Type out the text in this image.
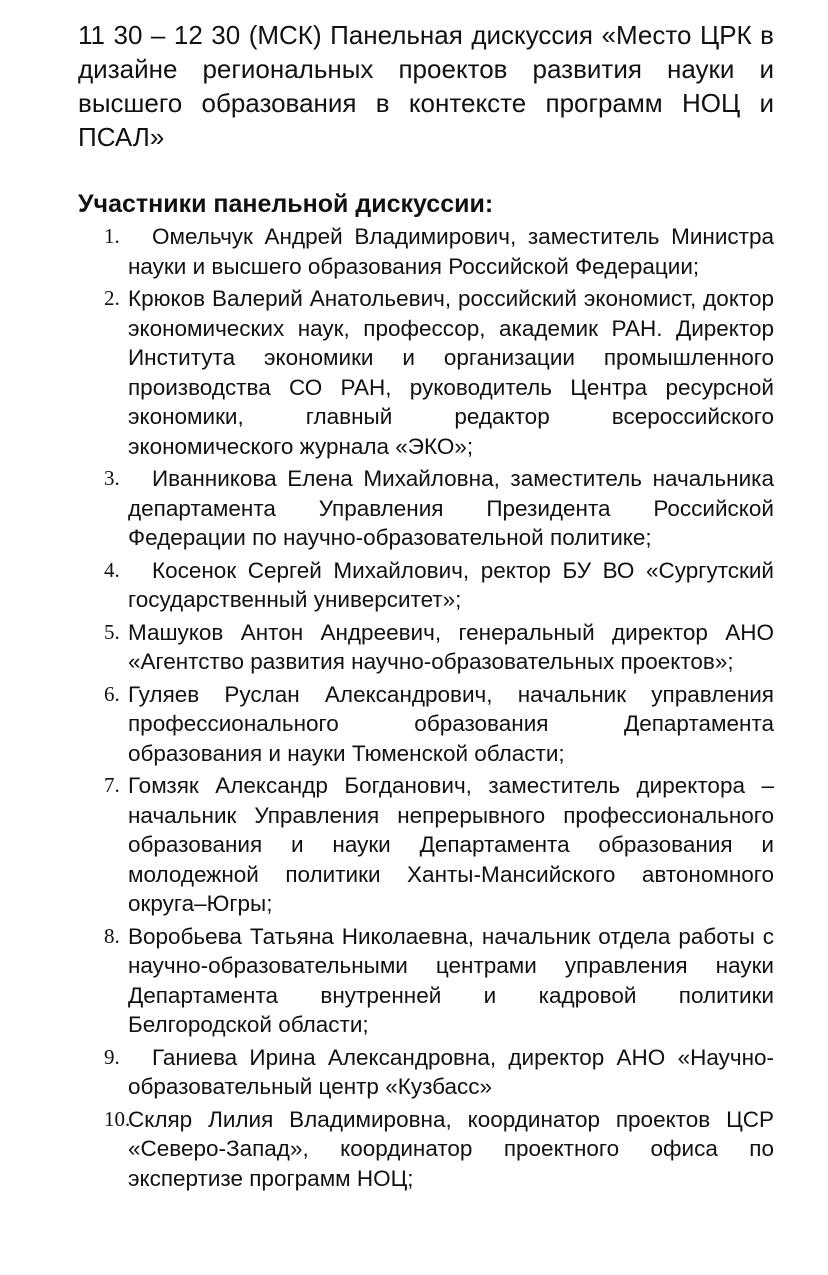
11 30 – 12 30 (МСК) Панельная дискуссия «Место ЦРК в дизайне региональных проектов развития науки и высшего образования в контексте программ НОЦ и ПСАЛ»

Участники панельной дискуссии:
1.	Омельчук Андрей Владимирович, заместитель Министра науки и высшего образования Российской Федерации;
2. Крюков Валерий Анатольевич, российский экономист, доктор экономических наук, профессор, академик РАН. Директор Института экономики и организации промышленного производства СО РАН, руководитель Центра ресурсной экономики, главный редактор всероссийского экономического журнала «ЭКО»;
3.	Иванникова Елена Михайловна, заместитель начальника департамента Управления Президента Российской Федерации по научно-образовательной политике;
4.	Косенок Сергей Михайлович, ректор БУ ВО «Сургутский государственный университет»;
5. Машуков Антон Андреевич, генеральный директор АНО «Агентство развития научно-образовательных проектов»;
6. Гуляев Руслан Александрович, начальник управления профессионального образования Департамента образования и науки Тюменской области;
7. Гомзяк Александр Богданович, заместитель директора – начальник Управления непрерывного профессионального образования и науки Департамента образования и молодежной политики Ханты-Мансийского автономного округа–Югры;
8. Воробьева Татьяна Николаевна, начальник отдела работы с научно-образовательными центрами управления науки Департамента внутренней и кадровой политики Белгородской области;
9.	Ганиева Ирина Александровна, директор АНО «Научно-образовательный центр «Кузбасс»
10.
Скляр Лилия Владимировна, координатор проектов ЦСР «Северо-Запад», координатор проектного офиса по экспертизе программ НОЦ;
